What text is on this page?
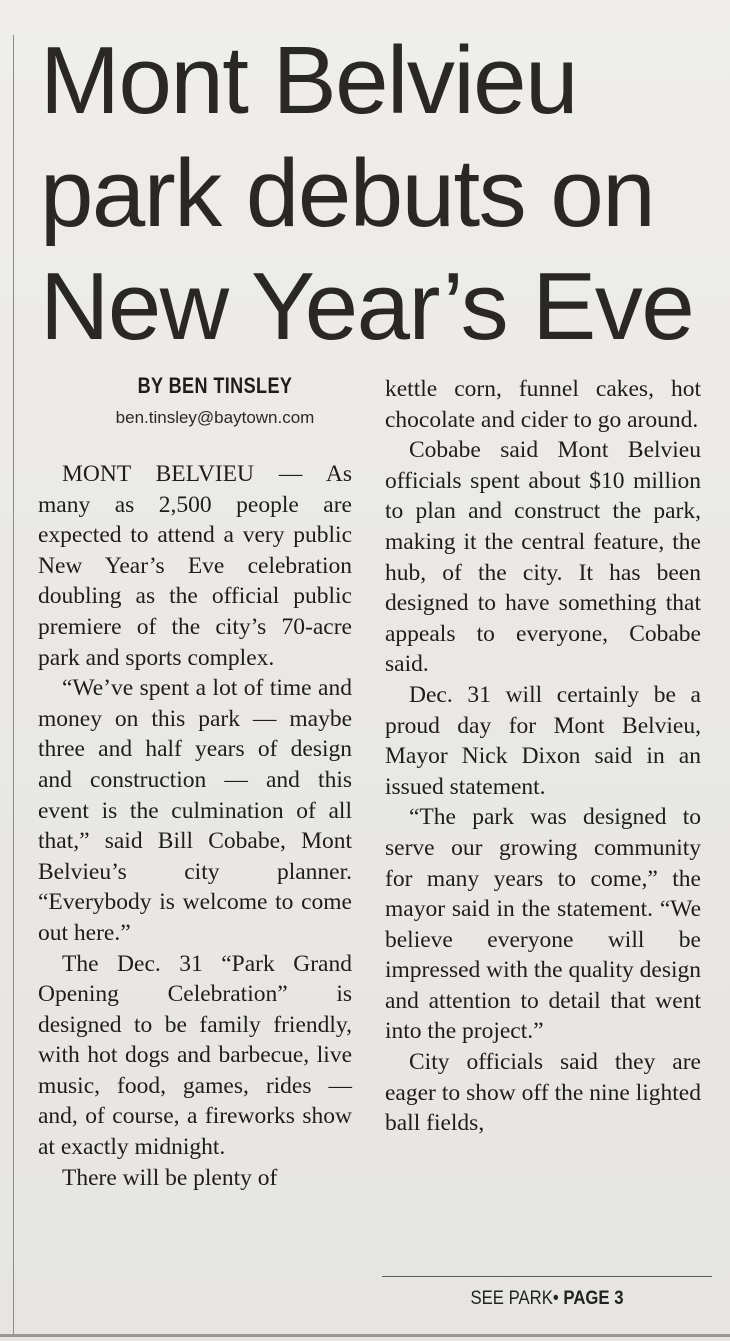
Mont Belvieu
park debuts on
New Year’s Eve
BY BEN TINSLEY
ben.tinsley@baytown.com

MONT BELVIEU — As many as 2,500 people are expected to attend a very public New Year’s Eve celebration doubling as the official public premiere of the city’s 70-acre park and sports complex.

“We’ve spent a lot of time and money on this park — maybe three and half years of design and construction — and this event is the culmination of all that,” said Bill Cobabe, Mont Belvieu’s city planner. “Everybody is welcome to come out here.”

The Dec. 31 “Park Grand Opening Celebration” is designed to be family friendly, with hot dogs and barbecue, live music, food, games, rides — and, of course, a fireworks show at exactly midnight.

There will be plenty of

kettle corn, funnel cakes, hot chocolate and cider to go around.

Cobabe said Mont Belvieu officials spent about $10 million to plan and construct the park, making it the central feature, the hub, of the city. It has been designed to have something that appeals to everyone, Cobabe said.

Dec. 31 will certainly be a proud day for Mont Belvieu, Mayor Nick Dixon said in an issued statement.

“The park was designed to serve our growing community for many years to come,” the mayor said in the statement. “We believe everyone will be impressed with the quality design and attention to detail that went into the project.”

City officials said they are eager to show off the nine lighted ball fields,

SEE PARK• PAGE 3
